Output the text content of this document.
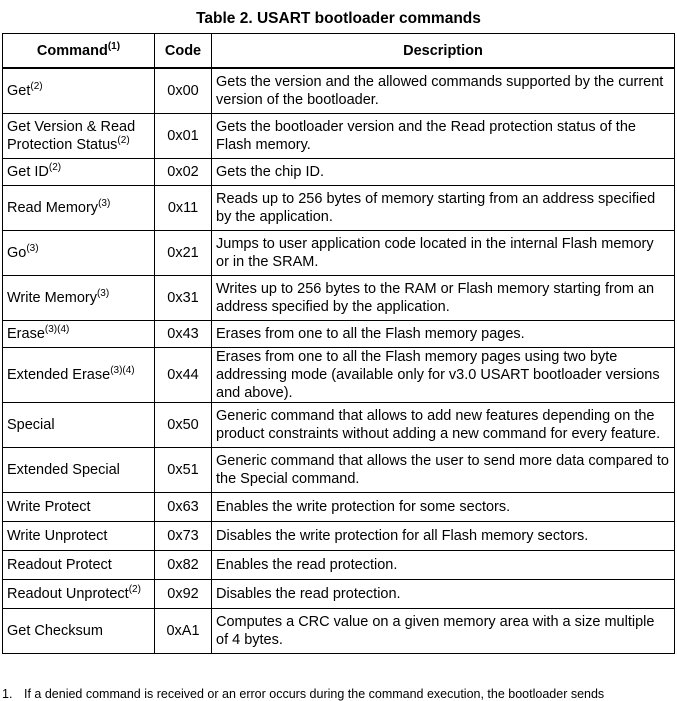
Table 2. USART bootloader commands
Command$^{(1)}$	Code	Description
Get$^{(2)}$	0x00	Gets the version and the allowed commands supported by the current version of the bootloader.
Get Version & Read Protection Status$^{(2)}$	0x01	Gets the bootloader version and the Read protection status of the Flash memory.
Get ID$^{(2)}$	0x02	Gets the chip ID.
Read Memory$^{(3)}$	0x11	Reads up to 256 bytes of memory starting from an address specified by the application.
Go$^{(3)}$	0x21	Jumps to user application code located in the internal Flash memory or in the SRAM.
Write Memory$^{(3)}$	0x31	Writes up to 256 bytes to the RAM or Flash memory starting from an address specified by the application.
Erase$^{(3)(4)}$	0x43	Erases from one to all the Flash memory pages.
Extended Erase$^{(3)(4)}$	0x44	Erases from one to all the Flash memory pages using two byte addressing mode (available only for v3.0 USART bootloader versions and above).
Special	0x50	Generic command that allows to add new features depending on the product constraints without adding a new command for every feature.
Extended Special	0x51	Generic command that allows the user to send more data compared to the Special command.
Write Protect	0x63	Enables the write protection for some sectors.
Write Unprotect	0x73	Disables the write protection for all Flash memory sectors.
Readout Protect	0x82	Enables the read protection.
Readout Unprotect$^{(2)}$	0x92	Disables the read protection.
Get Checksum	0xA1	Computes a CRC value on a given memory area with a size multiple of 4 bytes.
1. If a denied command is received or an error occurs during the command execution, the bootloader sends
